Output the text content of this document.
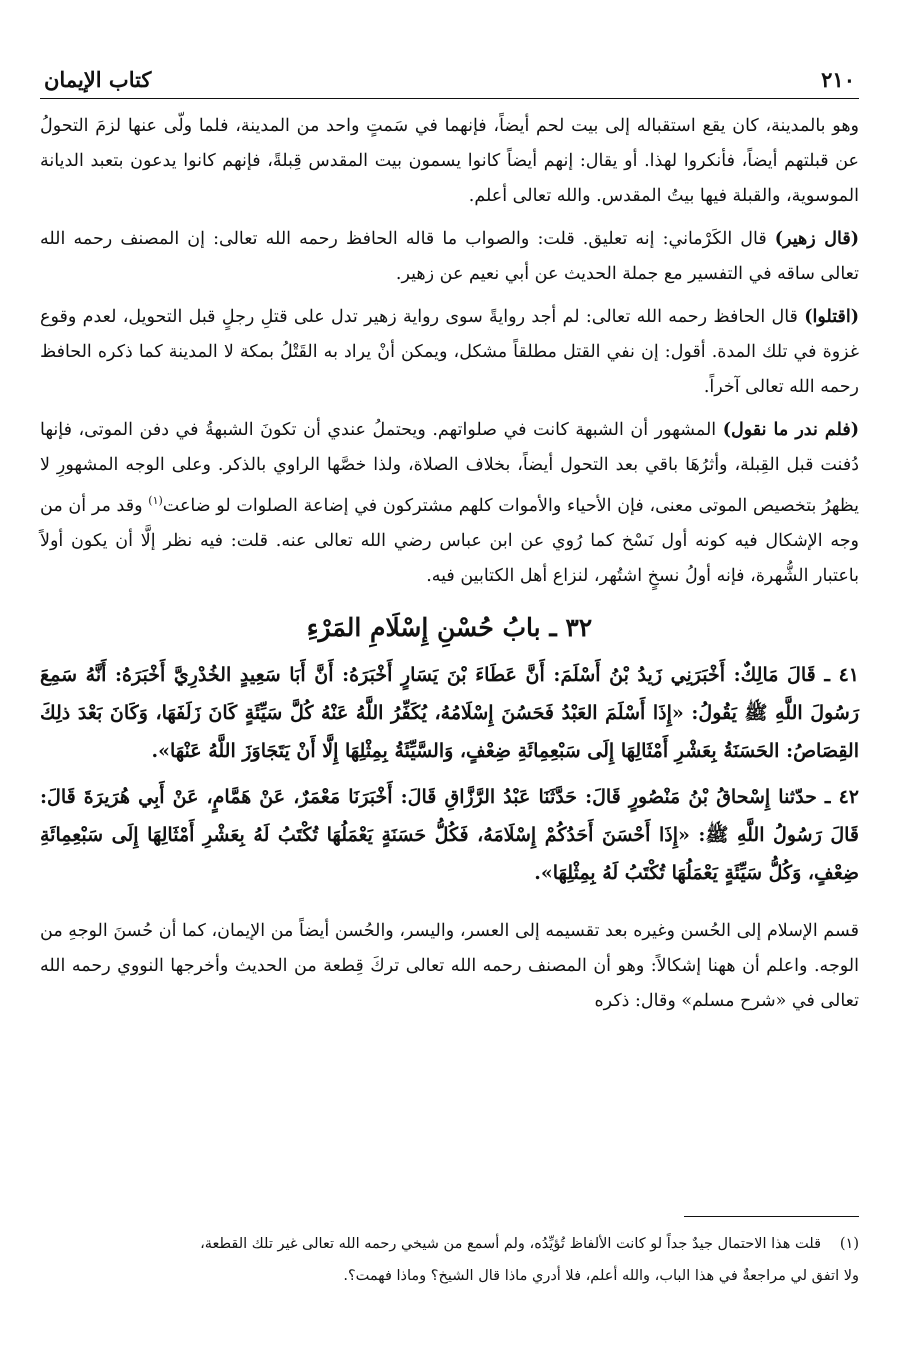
٢١٠
كتاب الإيمان

وهو بالمدينة، كان يقع استقباله إلى بيت لحم أيضاً، فإنهما في سَمتٍ واحد من المدينة، فلما ولّى عنها لزمَ التحولُ عن قبلتهم أيضاً، فأنكروا لهذا. أو يقال: إنهم أيضاً كانوا يسمون بيت المقدس قِبلةً، فإنهم كانوا يدعون بتعبد الديانة الموسوية، والقبلة فيها بيتُ المقدس. والله تعالى أعلم.

(قال زهير) قال الكَرْماني: إنه تعليق. قلت: والصواب ما قاله الحافظ رحمه الله تعالى: إن المصنف رحمه الله تعالى ساقه في التفسير مع جملة الحديث عن أبي نعيم عن زهير.

(اقتلوا) قال الحافظ رحمه الله تعالى: لم أجد روايةً سوى رواية زهير تدل على قتلِ رجلٍ قبل التحويل، لعدم وقوع غزوة في تلك المدة. أقول: إن نفي القتل مطلقاً مشكل، ويمكن أنْ يراد به القَتْلُ بمكة لا المدينة كما ذكره الحافظ رحمه الله تعالى آخراً.

(فلم ندر ما نقول) المشهور أن الشبهة كانت في صلواتهم. ويحتملُ عندي أن تكونَ الشبهةُ في دفن الموتى، فإنها دُفنت قبل القِبلة، وأثرُهَا باقي بعد التحول أيضاً، بخلاف الصلاة، ولذا خصَّها الراوي بالذكر. وعلى الوجه المشهورِ لا يظهرُ بتخصيص الموتى معنى، فإن الأحياء والأموات كلهم مشتركون في إضاعة الصلوات لو ضاعت$^{(١)}$ وقد مر أن من وجه الإشكال فيه كونه أول نَسْخ كما رُوي عن ابن عباس رضي الله تعالى عنه. قلت: فيه نظر إلَّا أن يكون أولاً باعتبار الشُّهرة، فإنه أولُ نسخٍ اشتُهر، لنزاع أهل الكتابين فيه.

٣٢ ـ بابُ حُسْنِ إِسْلَامِ المَرْءِ

٤١ ـ قَالَ مَالِكٌ: أَخْبَرَنِي زَيدُ بْنُ أَسْلَمَ: أَنَّ عَطَاءَ بْنَ يَسَارٍ أَخْبَرَهُ: أَنَّ أَبَا سَعِيدٍ الخُدْرِيَّ أَخْبَرَهُ: أَنَّهُ سَمِعَ رَسُولَ اللَّهِ ﷺ يَقُولُ: «إِذَا أَسْلَمَ العَبْدُ فَحَسُنَ إِسْلَامُهُ، يُكَفِّرُ اللَّهُ عَنْهُ كُلَّ سَيِّئَةٍ كَانَ زَلَفَهَا، وَكَانَ بَعْدَ ذلِكَ القِصَاصُ: الحَسَنَةُ بِعَشْرِ أَمْثَالِهَا إِلَى سَبْعِمِائَةِ ضِعْفٍ، وَالسَّيِّئَةُ بِمِثْلِهَا إِلَّا أَنْ يَتَجَاوَزَ اللَّهُ عَنْهَا».

٤٢ ـ حدّثنا إِسْحاقُ بْنُ مَنْصُورٍ قَالَ: حَدَّثَنَا عَبْدُ الرَّزَّاقِ قَالَ: أَخْبَرَنَا مَعْمَرٌ، عَنْ هَمَّامٍ، عَنْ أَبِي هُرَيرَةَ قَالَ: قَالَ رَسُولُ اللَّهِ ﷺ: «إِذَا أَحْسَنَ أَحَدُكُمْ إِسْلَامَهُ، فَكُلُّ حَسَنَةٍ يَعْمَلُهَا تُكْتَبُ لَهُ بِعَشْرِ أَمْثَالِهَا إِلَى سَبْعِمِائَةِ ضِعْفٍ، وَكُلُّ سَيِّئَةٍ يَعْمَلُهَا تُكْتَبُ لَهُ بِمِثْلِهَا».

قسم الإسلام إلى الحُسن وغيره بعد تقسيمه إلى العسر، واليسر، والحُسن أيضاً من الإيمان، كما أن حُسنَ الوجهِ من الوجه. واعلم أن ههنا إشكالاً: وهو أن المصنف رحمه الله تعالى تركَ قِطعة من الحديث وأخرجها النووي رحمه الله تعالى في «شرح مسلم» وقال: ذكره

(١)قلت هذا الاحتمال جيدٌ جداً لو كانت الألفاظ تُؤيِّدُه، ولم أسمع من شيخي رحمه الله تعالى غير تلك القطعة،
ولا اتفق لي مراجعةٌ في هذا الباب، والله أعلم، فلا أدري ماذا قال الشيخ؟ وماذا فهمت؟.
